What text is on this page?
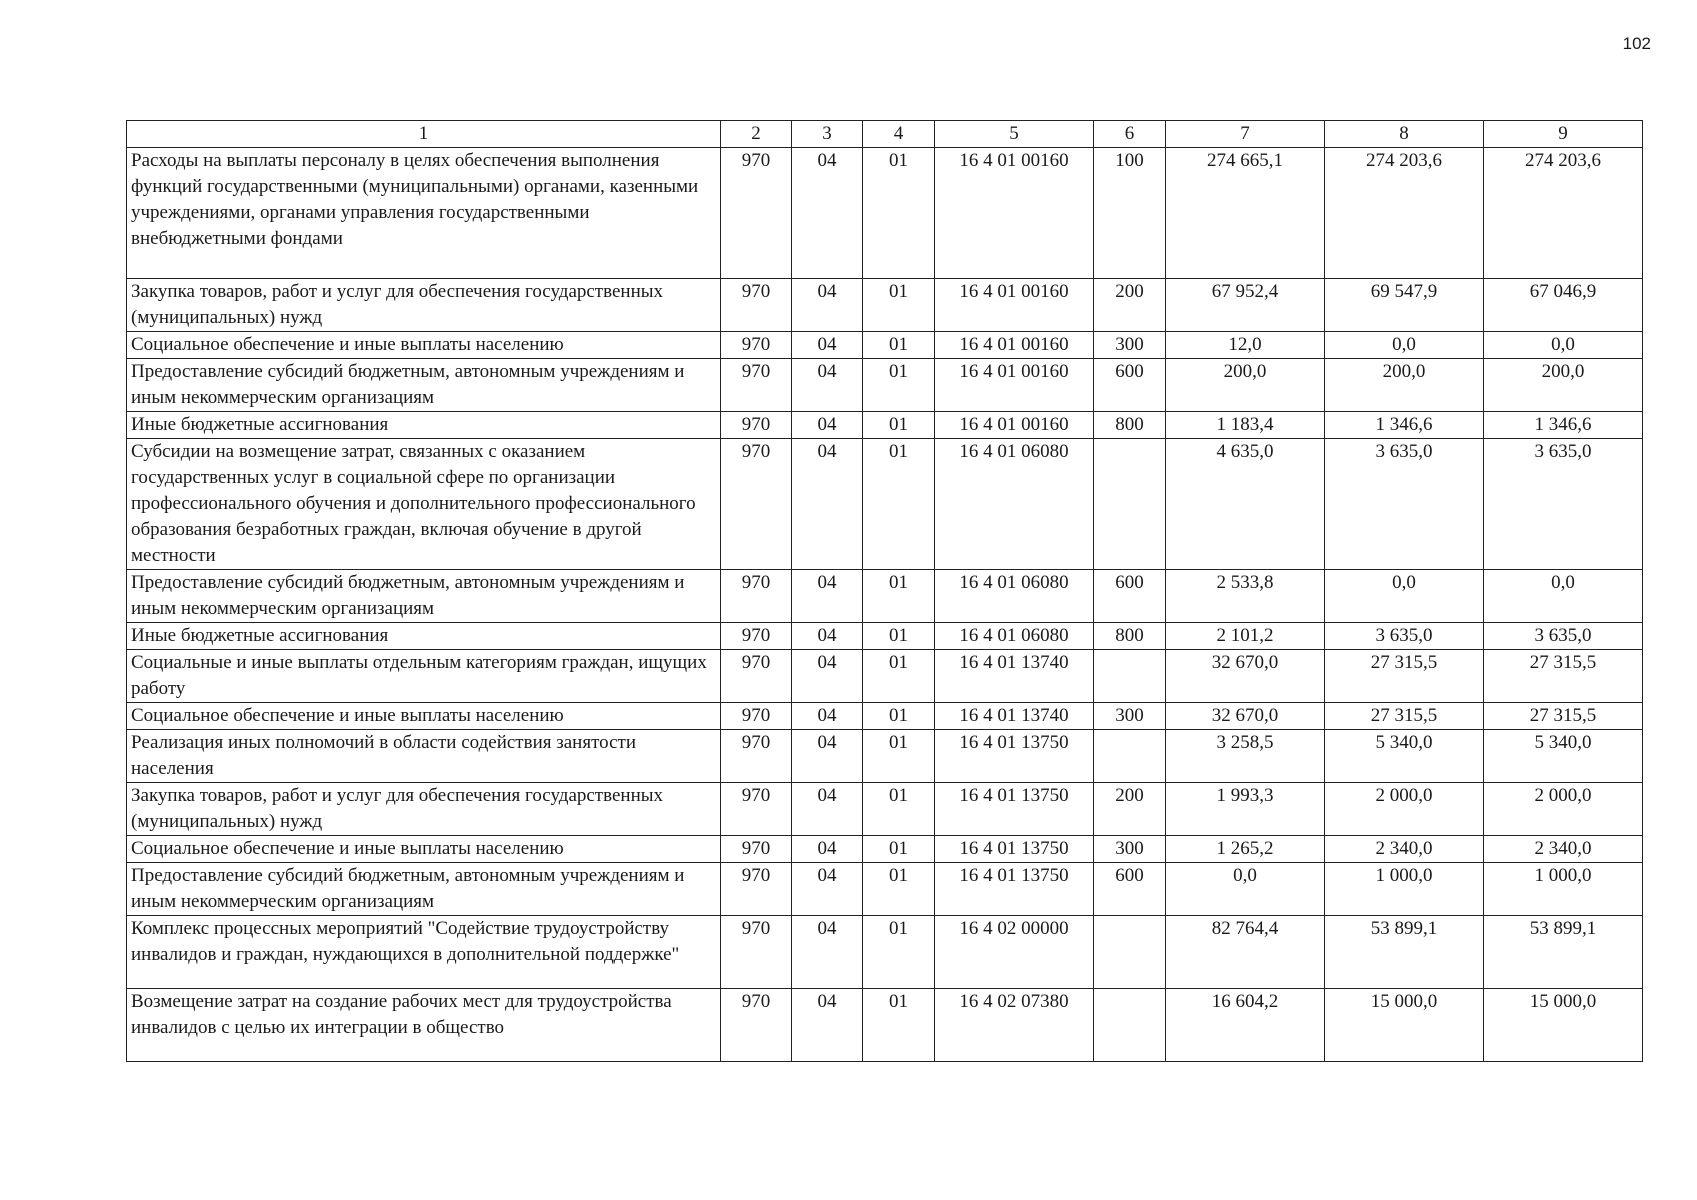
102
1	2	3	4	5	6	7	8	9
Расходы на выплаты персоналу в целях обеспечения выполнения функций государственными (муниципальными) органами, казенными учреждениями, органами управления государственными внебюджетными фондами	970	04	01	16 4 01 00160	100	274 665,1	274 203,6	274 203,6
Закупка товаров, работ и услуг для обеспечения государственных (муниципальных) нужд	970	04	01	16 4 01 00160	200	67 952,4	69 547,9	67 046,9
Социальное обеспечение и иные выплаты населению	970	04	01	16 4 01 00160	300	12,0	0,0	0,0
Предоставление субсидий бюджетным, автономным учреждениям и иным некоммерческим организациям	970	04	01	16 4 01 00160	600	200,0	200,0	200,0
Иные бюджетные ассигнования	970	04	01	16 4 01 00160	800	1 183,4	1 346,6	1 346,6
Субсидии на возмещение затрат, связанных с оказанием государственных услуг в социальной сфере по организации профессионального обучения и дополнительного профессионального образования безработных граждан, включая обучение в другой местности	970	04	01	16 4 01 06080		4 635,0	3 635,0	3 635,0
Предоставление субсидий бюджетным, автономным учреждениям и иным некоммерческим организациям	970	04	01	16 4 01 06080	600	2 533,8	0,0	0,0
Иные бюджетные ассигнования	970	04	01	16 4 01 06080	800	2 101,2	3 635,0	3 635,0
Социальные и иные выплаты отдельным категориям граждан, ищущих работу	970	04	01	16 4 01 13740		32 670,0	27 315,5	27 315,5
Социальное обеспечение и иные выплаты населению	970	04	01	16 4 01 13740	300	32 670,0	27 315,5	27 315,5
Реализация иных полномочий в области содействия занятости населения	970	04	01	16 4 01 13750		3 258,5	5 340,0	5 340,0
Закупка товаров, работ и услуг для обеспечения государственных (муниципальных) нужд	970	04	01	16 4 01 13750	200	1 993,3	2 000,0	2 000,0
Социальное обеспечение и иные выплаты населению	970	04	01	16 4 01 13750	300	1 265,2	2 340,0	2 340,0
Предоставление субсидий бюджетным, автономным учреждениям и иным некоммерческим организациям	970	04	01	16 4 01 13750	600	0,0	1 000,0	1 000,0
Комплекс процессных мероприятий "Содействие трудоустройству инвалидов и граждан, нуждающихся в дополнительной поддержке"	970	04	01	16 4 02 00000		82 764,4	53 899,1	53 899,1
Возмещение затрат на создание рабочих мест для трудоустройства инвалидов с целью их интеграции в общество	970	04	01	16 4 02 07380		16 604,2	15 000,0	15 000,0
